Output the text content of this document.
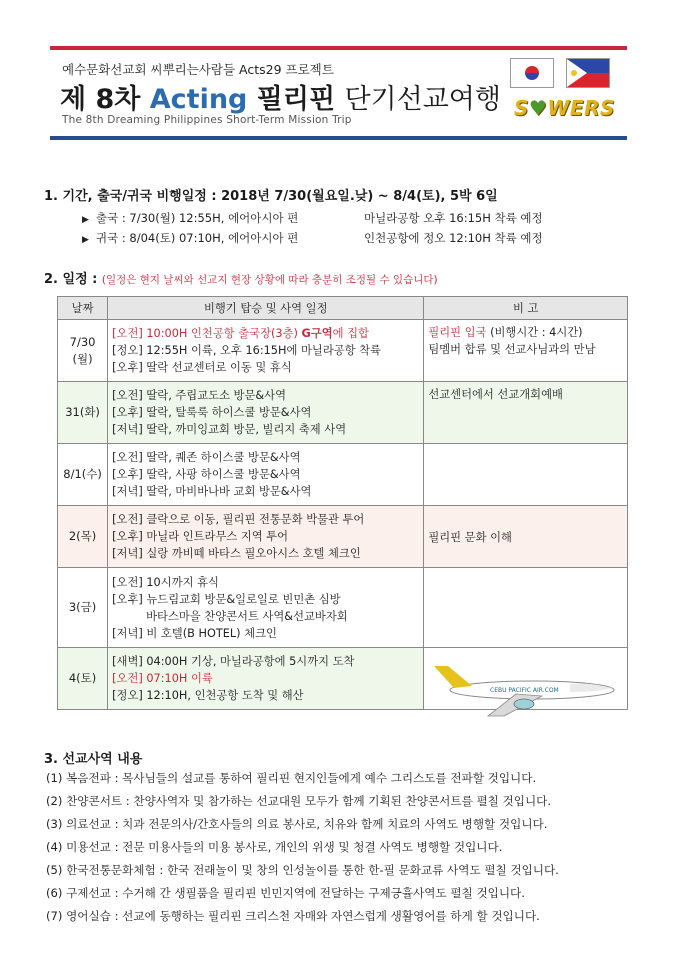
예수문화선교회 씨뿌리는사람들 Acts29 프로젝트
제 8차 Acting 필리핀 단기선교여행
The 8th Dreaming Philippines Short-Term Mission Trip	S♥WERS
1. 기간, 출국/귀국 비행일정 : 2018년 7/30(월요일.낮) ~ 8/4(토), 5박 6일
▶ 출국 : 7/30(월) 12:55H, 에어아시아 편	마닐라공항 오후 16:15H 착륙 예정
▶ 귀국 : 8/04(토) 07:10H, 에어아시아 편	인천공항에 정오 12:10H 착륙 예정
2. 일정 : (일정은 현지 날씨와 선교지 현장 상황에 따라 충분히 조정될 수 있습니다)
날짜	비행기 탑승 및 사역 일정	비 고
7/30
(월)	[오전] 10:00H 인천공항 출국장(3층) G구역에 집합
[정오] 12:55H 이륙, 오후 16:15H에 마닐라공항 착륙
[오후] 딸락 선교센터로 이동 및 휴식	필리핀 입국 (비행시간 : 4시간)
팀멤버 합류 및 선교사님과의 만남
31(화)	[오전] 딸락, 주립교도소 방문&사역
[오후] 딸락, 탈룩룩 하이스쿨 방문&사역
[저녁] 딸락, 까미잉교회 방문, 빌리지 축제 사역	선교센터에서 선교개회예배
8/1(수)	[오전] 딸락, 퀘존 하이스쿨 방문&사역
[오후] 딸락, 사팡 하이스쿨 방문&사역
[저녁] 딸락, 마비바나바 교회 방문&사역	
2(목)	[오전] 클락으로 이동, 필리핀 전통문화 박물관 투어
[오후] 마닐라 인트라무스 지역 투어
[저녁] 실랑 까비떼 바타스 필오아시스 호텔 체크인	필리핀 문화 이해
3(금)	[오전] 10시까지 휴식
[오후] 뉴드림교회 방문&일로일로 빈민촌 심방

바타스마을 찬양콘서트 사역&선교바자회
[저녁] 비 호텔(B HOTEL) 체크인	
4(토)	[새벽] 04:00H 기상, 마닐라공항에 5시까지 도착
[오전] 07:10H 이륙
[정오] 12:10H, 인천공항 도착 및 해산		CEBU PACIFIC AIR.COM
3. 선교사역 내용
(1) 복음전파 : 목사님들의 설교를 통하여 필리핀 현지인들에게 예수 그리스도를 전파할 것입니다.
(2) 찬양콘서트 : 찬양사역자 및 참가하는 선교대원 모두가 함께 기획된 찬양콘서트를 펼칠 것입니다.
(3) 의료선교 : 치과 전문의사/간호사들의 의료 봉사로, 치유와 함께 치료의 사역도 병행할 것입니다.
(4) 미용선교 : 전문 미용사들의 미용 봉사로, 개인의 위생 및 청결 사역도 병행할 것입니다.
(5) 한국전통문화체험 : 한국 전래놀이 및 창의 인성놀이를 통한 한-필 문화교류 사역도 펼칠 것입니다.
(6) 구제선교 : 수거해 간 생필품을 필리핀 빈민지역에 전달하는 구제긍휼사역도 펼칠 것입니다.
(7) 영어실습 : 선교에 동행하는 필리핀 크리스천 자매와 자연스럽게 생활영어를 하게 할 것입니다.
